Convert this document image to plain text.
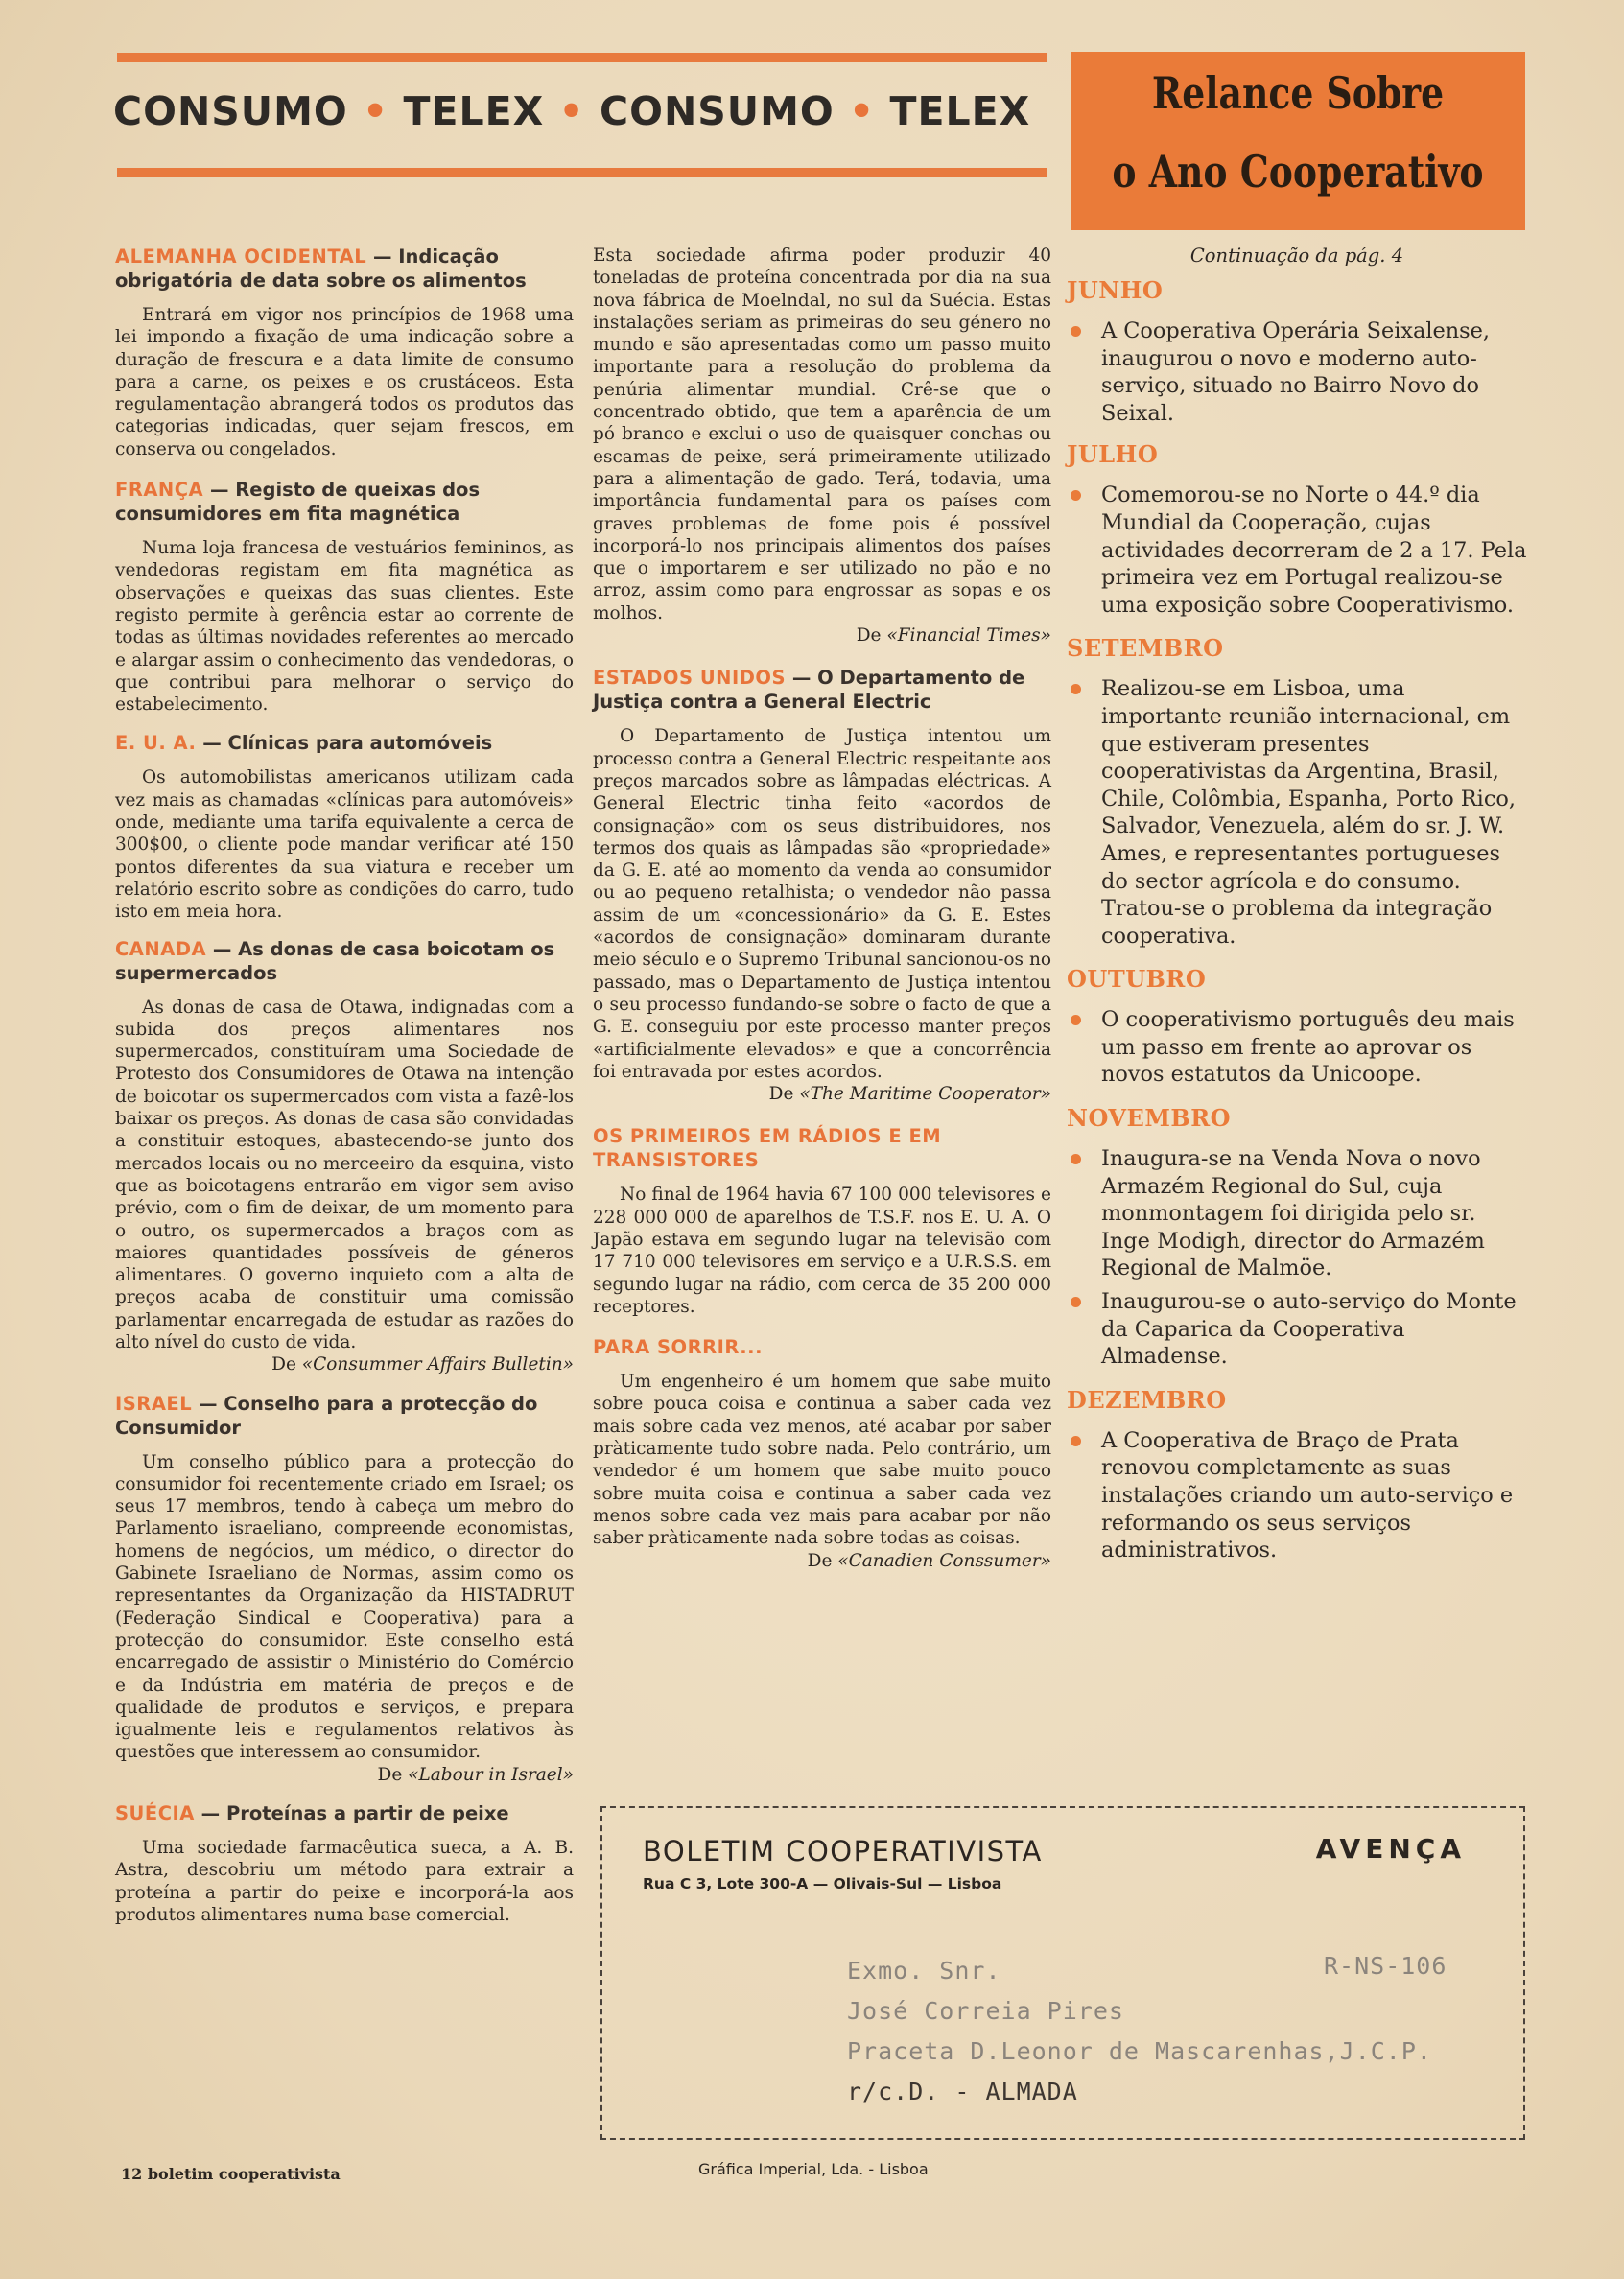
CONSUMO • TELEX • CONSUMO • TELEX	Relance Sobre
o Ano Cooperativo

ALEMANHA OCIDENTAL — Indicação obrigatória de data sobre os alimentos

Entrará em vigor nos princípios de 1968 uma lei impondo a fixação de uma indicação sobre a duração de frescura e a data limite de consumo para a carne, os peixes e os crustáceos. Esta regulamentação abrangerá todos os produtos das categorias indicadas, quer sejam frescos, em conserva ou congelados.

FRANÇA — Registo de queixas dos consumidores em fita magnética

Numa loja francesa de vestuários femininos, as vendedoras registam em fita magnética as observações e queixas das suas clientes. Este registo permite à gerência estar ao corrente de todas as últimas novidades referentes ao mercado e alargar assim o conhecimento das vendedoras, o que contribui para melhorar o serviço do estabelecimento.

E. U. A. — Clínicas para automóveis

Os automobilistas americanos utilizam cada vez mais as chamadas «clínicas para automóveis» onde, mediante uma tarifa equivalente a cerca de 300$00, o cliente pode mandar verificar até 150 pontos diferentes da sua viatura e receber um relatório escrito sobre as condições do carro, tudo isto em meia hora.

CANADA — As donas de casa boicotam os supermercados

As donas de casa de Otawa, indignadas com a subida dos preços alimentares nos supermercados, constituíram uma Sociedade de Protesto dos Consumidores de Otawa na intenção de boicotar os supermercados com vista a fazê-los baixar os preços. As donas de casa são convidadas a constituir estoques, abastecendo-se junto dos mercados locais ou no merceeiro da esquina, visto que as boicotagens entrarão em vigor sem aviso prévio, com o fim de deixar, de um momento para o outro, os supermercados a braços com as maiores quantidades possíveis de géneros alimentares. O governo inquieto com a alta de preços acaba de constituir uma comissão parlamentar encarregada de estudar as razões do alto nível do custo de vida.

De «Consummer Affairs Bulletin»

ISRAEL — Conselho para a protecção do Consumidor

Um conselho público para a protecção do consumidor foi recentemente criado em Israel; os seus 17 membros, tendo à cabeça um mebro do Parlamento israeliano, compreende economistas, homens de negócios, um médico, o director do Gabinete Israeliano de Normas, assim como os representantes da Organização da HISTADRUT (Federação Sindical e Cooperativa) para a protecção do consumidor. Este conselho está encarregado de assistir o Ministério do Comércio e da Indústria em matéria de preços e de qualidade de produtos e serviços, e prepara igualmente leis e regulamentos relativos às questões que interessem ao consumidor.

De «Labour in Israel»

SUÉCIA — Proteínas a partir de peixe

Uma sociedade farmacêutica sueca, a A. B. Astra, descobriu um método para extrair a proteína a partir do peixe e incorporá-la aos produtos alimentares numa base comercial.

Esta sociedade afirma poder produzir 40 toneladas de proteína concentrada por dia na sua nova fábrica de Moelndal, no sul da Suécia. Estas instalações seriam as primeiras do seu género no mundo e são apresentadas como um passo muito importante para a resolução do problema da penúria alimentar mundial. Crê-se que o concentrado obtido, que tem a aparência de um pó branco e exclui o uso de quaisquer conchas ou escamas de peixe, será primeiramente utilizado para a alimentação de gado. Terá, todavia, uma importância fundamental para os países com graves problemas de fome pois é possível incorporá-lo nos principais alimentos dos países que o importarem e ser utilizado no pão e no arroz, assim como para engrossar as sopas e os molhos.

De «Financial Times»

ESTADOS UNIDOS — O Departamento de Justiça contra a General Electric

O Departamento de Justiça intentou um processo contra a General Electric respeitante aos preços marcados sobre as lâmpadas eléctricas. A General Electric tinha feito «acordos de consignação» com os seus distribuidores, nos termos dos quais as lâmpadas são «propriedade» da G. E. até ao momento da venda ao consumidor ou ao pequeno retalhista; o vendedor não passa assim de um «concessionário» da G. E. Estes «acordos de consignação» dominaram durante meio século e o Supremo Tribunal sancionou-os no passado, mas o Departamento de Justiça intentou o seu processo fundando-se sobre o facto de que a G. E. conseguiu por este processo manter preços «artificialmente elevados» e que a concorrência foi entravada por estes acordos.

De «The Maritime Cooperator»

OS PRIMEIROS EM RÁDIOS E EM TRANSISTORES

No final de 1964 havia 67 100 000 televisores e 228 000 000 de aparelhos de T.S.F. nos E. U. A. O Japão estava em segundo lugar na televisão com 17 710 000 televisores em serviço e a U.R.S.S. em segundo lugar na rádio, com cerca de 35 200 000 receptores.

PARA SORRIR...

Um engenheiro é um homem que sabe muito sobre pouca coisa e continua a saber cada vez mais sobre cada vez menos, até acabar por saber pràticamente tudo sobre nada. Pelo contrário, um vendedor é um homem que sabe muito pouco sobre muita coisa e continua a saber cada vez menos sobre cada vez mais para acabar por não saber pràticamente nada sobre todas as coisas.

De «Canadien Conssumer»

Continuação da pág. 4

JUNHO

A Cooperativa Operária Seixalense, inaugurou o novo e moderno auto-serviço, situado no Bairro Novo do Seixal.

JULHO

Comemorou-se no Norte o 44.º dia Mundial da Cooperação, cujas actividades decorreram de 2 a 17. Pela primeira vez em Portugal realizou-se uma exposição sobre Cooperativismo.

SETEMBRO

Realizou-se em Lisboa, uma importante reunião internacional, em que estiveram presentes cooperativistas da Argentina, Brasil, Chile, Colômbia, Espanha, Porto Rico, Salvador, Venezuela, além do sr. J. W. Ames, e representantes portugueses do sector agrícola e do consumo. Tratou-se o problema da integração cooperativa.

OUTUBRO

O cooperativismo português deu mais um passo em frente ao aprovar os novos estatutos da Unicoope.

NOVEMBRO

Inaugura-se na Venda Nova o novo Armazém Regional do Sul, cuja monmontagem foi dirigida pelo sr. Inge Modigh, director do Armazém Regional de Malmöe.

Inaugurou-se o auto-serviço do Monte da Caparica da Cooperativa Almadense.

DEZEMBRO

A Cooperativa de Braço de Prata renovou completamente as suas instalações criando um auto-serviço e reformando os seus serviços administrativos.

BOLETIM COOPERATIVISTA
Rua C 3, Lote 300-A — Olivais-Sul — Lisboa
AVENÇA
R-NS-106
Exmo. Snr.
José Correia Pires
Praceta D.Leonor de Mascarenhas,J.C.P.
r/c.D. - ALMADA
12 boletim cooperativista	Gráfica Imperial, Lda. - Lisboa
